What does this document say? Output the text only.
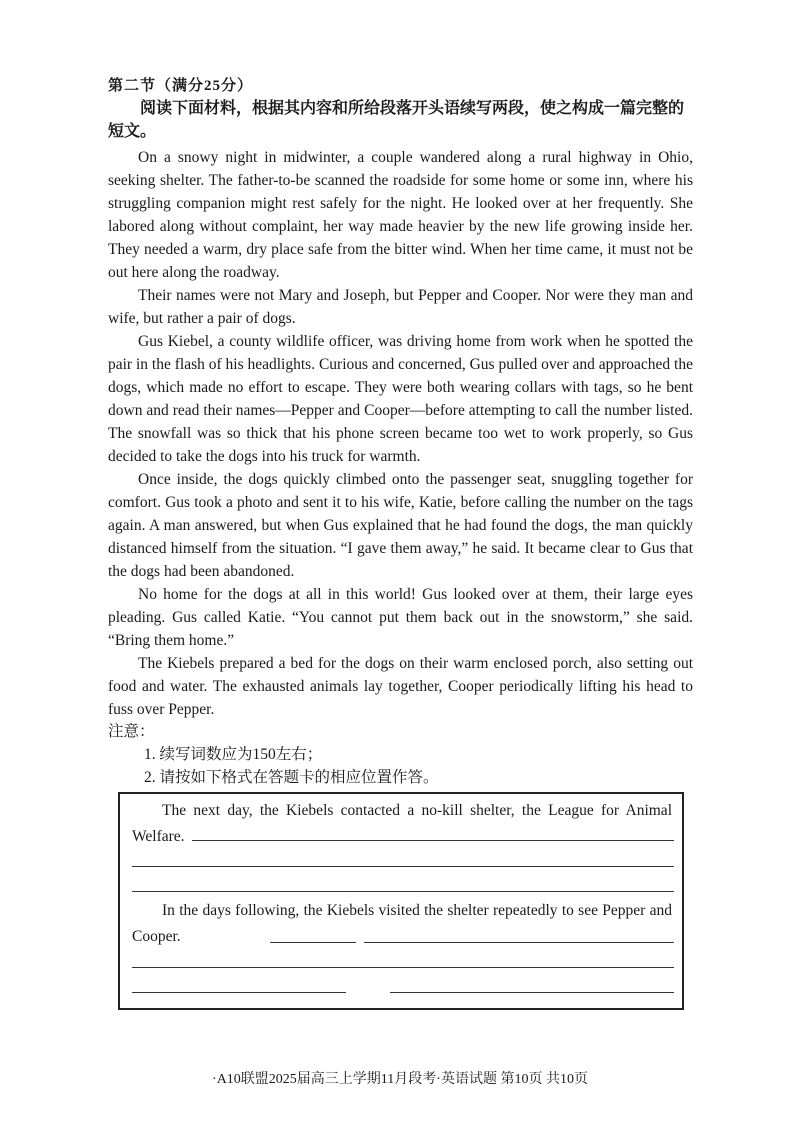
第二节（满分25分）
阅读下面材料，根据其内容和所给段落开头语续写两段，使之构成一篇完整的短文。

On a snowy night in midwinter, a couple wandered along a rural highway in Ohio, seeking shelter. The father-to-be scanned the roadside for some home or some inn, where his struggling companion might rest safely for the night. He looked over at her frequently. She labored along without complaint, her way made heavier by the new life growing inside her. They needed a warm, dry place safe from the bitter wind. When her time came, it must not be out here along the roadway.

Their names were not Mary and Joseph, but Pepper and Cooper. Nor were they man and wife, but rather a pair of dogs.

Gus Kiebel, a county wildlife officer, was driving home from work when he spotted the pair in the flash of his headlights. Curious and concerned, Gus pulled over and approached the dogs, which made no effort to escape. They were both wearing collars with tags, so he bent down and read their names—Pepper and Cooper—before attempting to call the number listed. The snowfall was so thick that his phone screen became too wet to work properly, so Gus decided to take the dogs into his truck for warmth.

Once inside, the dogs quickly climbed onto the passenger seat, snuggling together for comfort. Gus took a photo and sent it to his wife, Katie, before calling the number on the tags again. A man answered, but when Gus explained that he had found the dogs, the man quickly distanced himself from the situation. “I gave them away,” he said. It became clear to Gus that the dogs had been abandoned.

No home for the dogs at all in this world! Gus looked over at them, their large eyes pleading. Gus called Katie. “You cannot put them back out in the snowstorm,” she said. “Bring them home.”

The Kiebels prepared a bed for the dogs on their warm enclosed porch, also setting out food and water. The exhausted animals lay together, Cooper periodically lifting his head to fuss over Pepper.

注意：
1. 续写词数应为150左右；
2. 请按如下格式在答题卡的相应位置作答。
The next day, the Kiebels contacted a no-kill shelter, the League for Animal Welfare.
In the days following, the Kiebels visited the shelter repeatedly to see Pepper and Cooper.
·A10联盟2025届高三上学期11月段考·英语试题 第10页 共10页
